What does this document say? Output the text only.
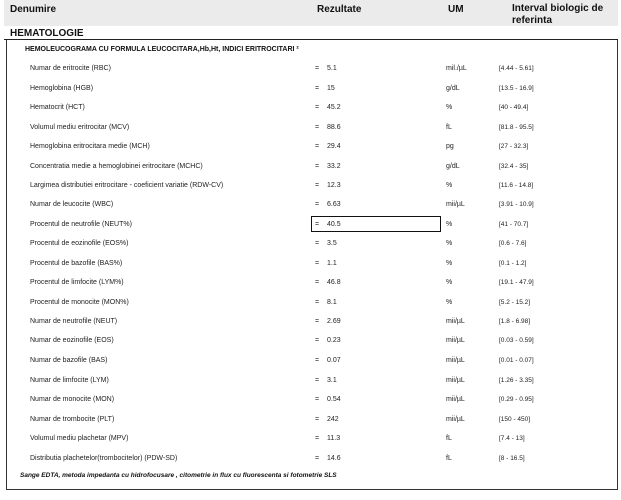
Denumire	Rezultate	UM	Interval biologic de referinta
HEMATOLOGIE
HEMOLEUCOGRAMA CU FORMULA LEUCOCITARA,Hb,Ht, INDICI ERITROCITARI ²
Numar de eritrocite (RBC)	= 5.1	mil./µL	[4.44 - 5.61]
Hemoglobina (HGB)	= 15	g/dL	[13.5 - 16.9]
Hematocrit (HCT)	= 45.2	%	[40 - 49.4]
Volumul mediu eritrocitar (MCV)	= 88.6	fL	[81.8 - 95.5]
Hemoglobina eritrocitara medie (MCH)	= 29.4	pg	[27 - 32.3]
Concentratia medie a hemoglobinei eritrocitare (MCHC)	= 33.2	g/dL	[32.4 - 35]
Largimea distributiei eritrocitare - coeficient variatie (RDW-CV)	= 12.3	%	[11.6 - 14.8]
Numar de leucocite (WBC)	= 6.63	mii/µL	[3.91 - 10.9]
Procentul de neutrofile (NEUT%)	= 40.5	%	[41 - 70.7]
Procentul de eozinofile (EOS%)	= 3.5	%	[0.6 - 7.6]
Procentul de bazofile (BAS%)	= 1.1	%	[0.1 - 1.2]
Procentul de limfocite (LYM%)	= 46.8	%	[19.1 - 47.9]
Procentul de monocite (MON%)	= 8.1	%	[5.2 - 15.2]
Numar de neutrofile (NEUT)	= 2.69	mii/µL	[1.8 - 6.98]
Numar de eozinofile (EOS)	= 0.23	mii/µL	[0.03 - 0.59]
Numar de bazofile (BAS)	= 0.07	mii/µL	[0.01 - 0.07]
Numar de limfocite (LYM)	= 3.1	mii/µL	[1.26 - 3.35]
Numar de monocite (MON)	= 0.54	mii/µL	[0.29 - 0.95]
Numar de trombocite (PLT)	= 242	mii/µL	[150 - 450]
Volumul mediu plachetar (MPV)	= 11.3	fL	[7.4 - 13]
Distributia plachetelor(trombocitelor) (PDW-SD)	= 14.6	fL	[8 - 16.5]
Sange EDTA, metoda impedanta cu hidrofocusare , citometrie in flux cu fluorescenta si fotometrie SLS
